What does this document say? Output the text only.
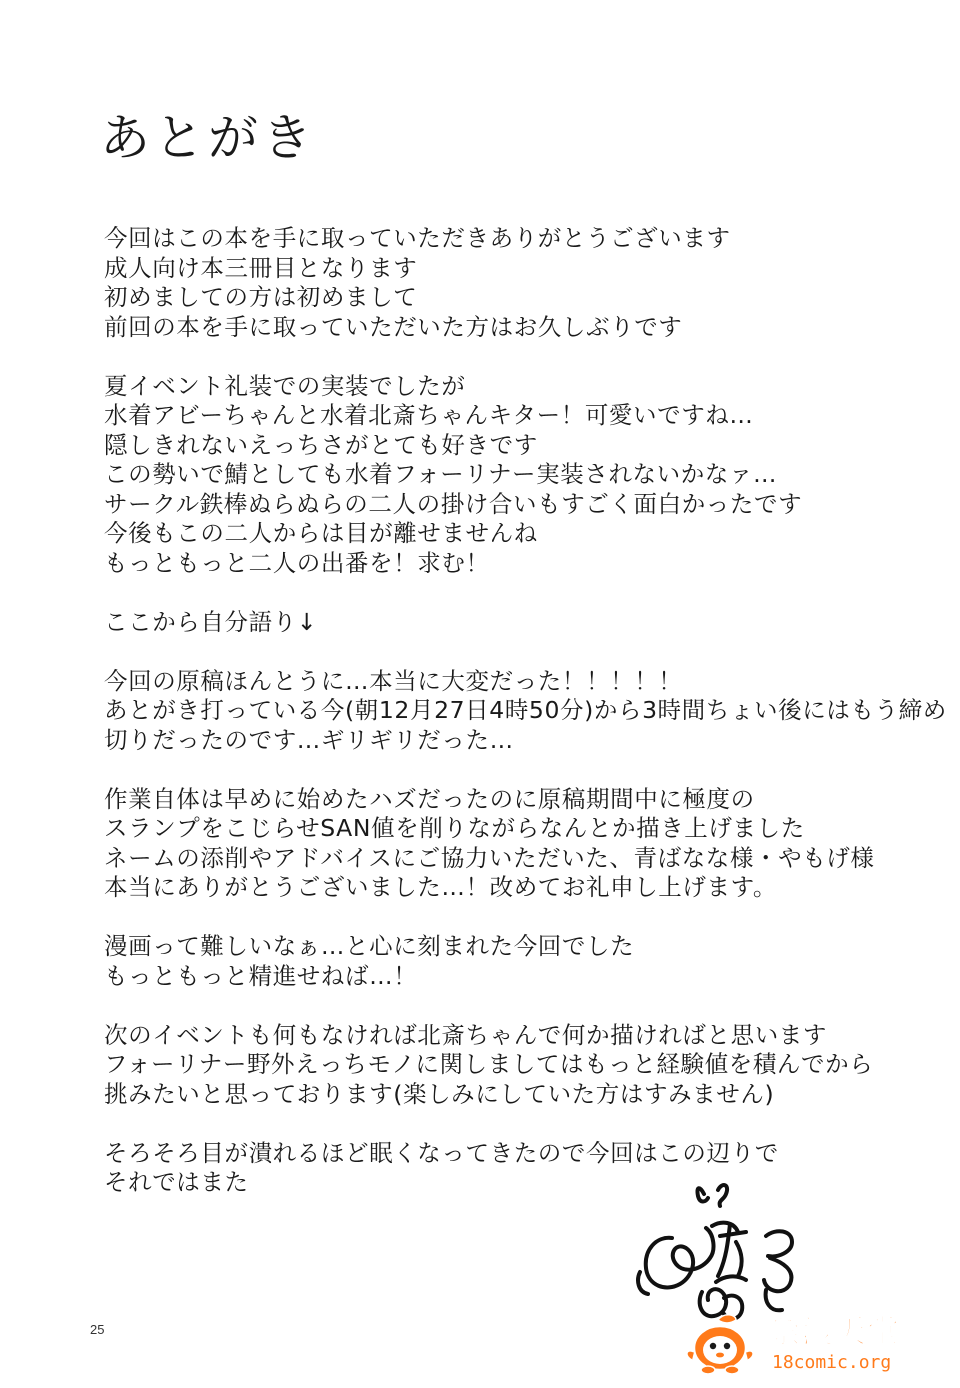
あとがき

今回はこの本を手に取っていただきありがとうございます
成人向け本三冊目となります
初めましての方は初めまして
前回の本を手に取っていただいた方はお久しぶりです

夏イベント礼装での実装でしたが
水着アビーちゃんと水着北斎ちゃんキター！可愛いですね…
隠しきれないえっちさがとても好きです
この勢いで鯖としても水着フォーリナー実装されないかなァ…
サークル鉄棒ぬらぬらの二人の掛け合いもすごく面白かったです
今後もこの二人からは目が離せませんね
もっともっと二人の出番を！求む！

ここから自分語り↓

今回の原稿ほんとうに…本当に大変だった！！！！！
あとがき打っている今(朝12月27日4時50分)から3時間ちょい後にはもう締め
切りだったのです…ギリギリだった…

作業自体は早めに始めたハズだったのに原稿期間中に極度の
スランプをこじらせSAN値を削りながらなんとか描き上げました
ネームの添削やアドバイスにご協力いただいた、青ばなな様・やもげ様
本当にありがとうございました…！改めてお礼申し上げます。

漫画って難しいなぁ…と心に刻まれた今回でした
もっともっと精進せねば…！

次のイベントも何もなければ北斎ちゃんで何か描ければと思います
フォーリナー野外えっちモノに関しましてはもっと経験値を積んでから
挑みたいと思っております(楽しみにしていた方はすみません)

そろそろ目が潰れるほど眠くなってきたので今回はこの辺りで
それではまた

25	禁漫天堂
18comic.org
